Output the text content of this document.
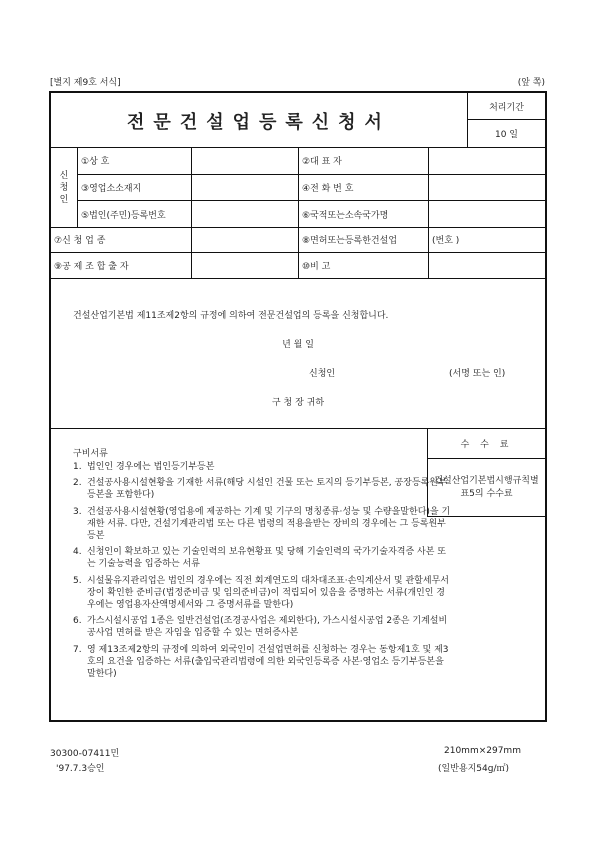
[별지 제9호 서식]	(앞 쪽)
전문건설업등록신청서
처리기간
10 일
신청인
①상 호	②대 표 자
③영업소소재지	④전 화 번 호
⑤법인(주민)등록번호	⑥국적또는소속국가명
⑦신 청 업 종	⑧면허또는등록한건설업	(번호 )
⑨공 제 조 합 출 자	⑩비 고
건설산업기본법 제11조제2항의 규정에 의하여 전문건설업의 등록을 신청합니다.
년 월 일
신청인	(서명 또는 인)
구 청 장 귀하
구비서류
1. 법인인 경우에는 법인등기부등본
2. 건설공사용시설현황을 기재한 서류(해당 시설인 건물 또는 토지의 등기부등본, 공장등록원부등본을 포함한다)
3. 건설공사용시설현황(영업용에 제공하는 기계 및 기구의 명칭종류·성능 및 수량을말한다)을 기재한 서류. 다만, 건설기계관리법 또는 다른 법령의 적용을받는 장비의 경우에는 그 등록원부등본
4. 신청인이 확보하고 있는 기술인력의 보유현황표 및 당해 기술인력의 국가기술자격증 사본 또는 기술능력을 입증하는 서류
5. 시설물유지관리업은 법인의 경우에는 직전 회계연도의 대차대조표·손익계산서 및 관할세무서장이 확인한 준비금(법정준비금 및 임의준비금)이 적립되어 있음을 증명하는 서류(개인인 경우에는 영업용자산액명세서와 그 증명서류를 말한다)
6. 가스시설시공업 1종은 일반건설업(조경공사업은 제외한다), 가스시설시공업 2종은 기계설비공사업 면허를 받은 자임을 입증할 수 있는 면허증사본
7. 영 제13조제2항의 규정에 의하여 외국인이 건설업면허를 신청하는 경우는 동항제1호 및 제3호의 요건을 입증하는 서류(출입국관리법령에 의한 외국인등록증 사본·영업소 등기부등본을 말한다)
수 수 료
건설산업기본법시행규칙별표5의 수수료
30300-07411민
'97.7.3승인
210mm×297mm
(일반용지54g/㎡)
